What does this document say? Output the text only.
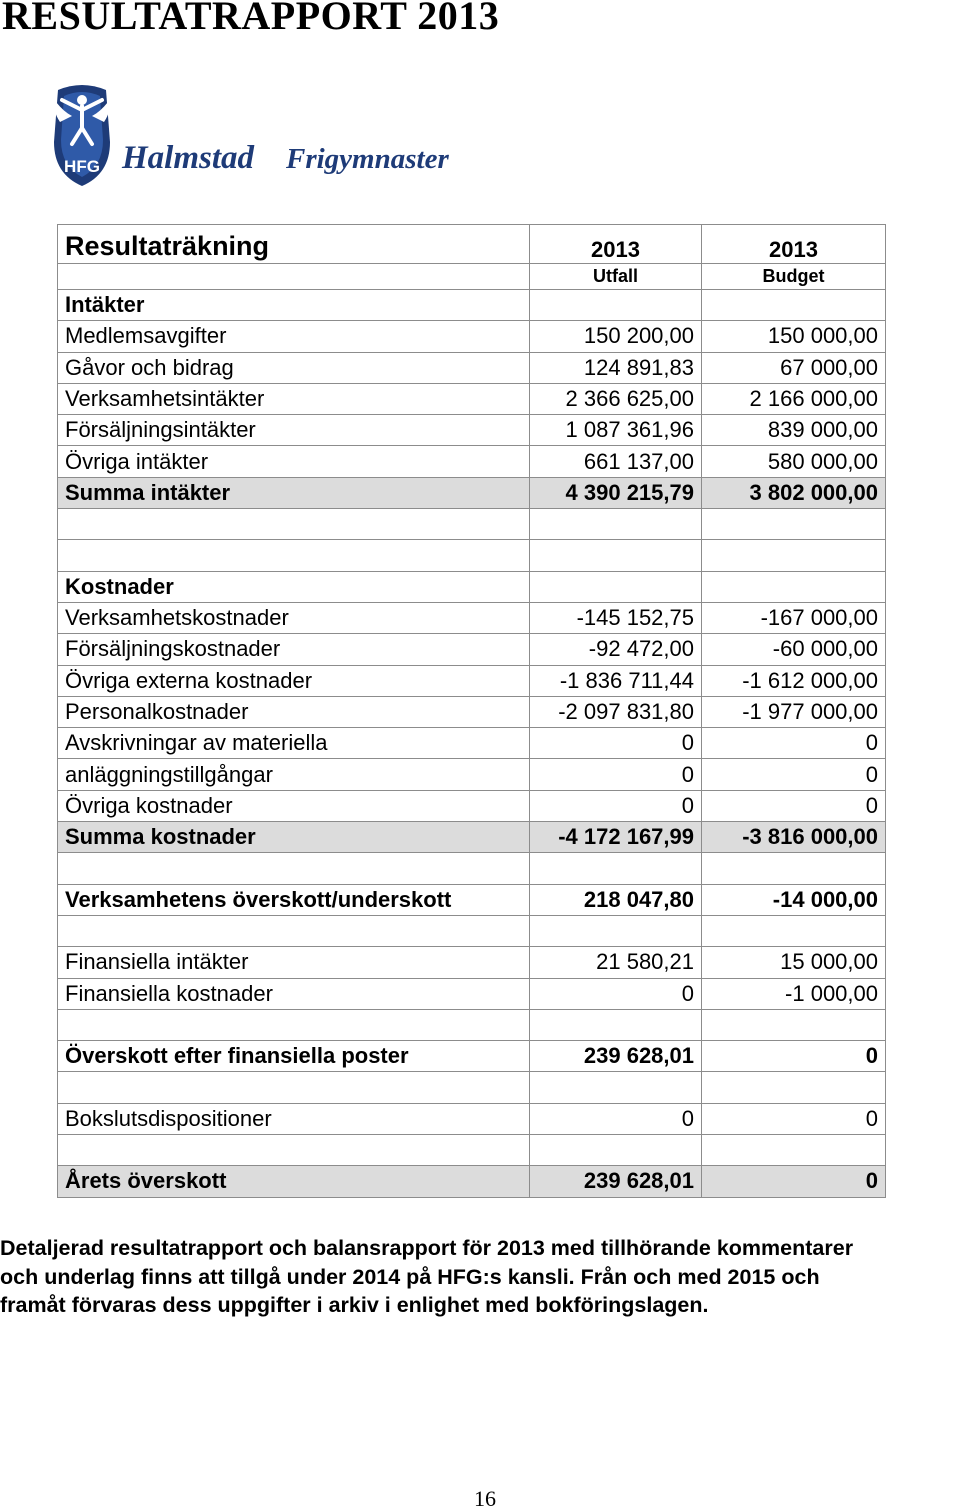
RESULTATRAPPORT 2013
HFG Halmstad Frigymnaster
Resultaträkning	2013	2013
	Utfall	Budget
Intäkter		
Medlemsavgifter	150 200,00	150 000,00
Gåvor och bidrag	124 891,83	67 000,00
Verksamhetsintäkter	2 366 625,00	2 166 000,00
Försäljningsintäkter	1 087 361,96	839 000,00
Övriga intäkter	661 137,00	580 000,00
Summa intäkter	4 390 215,79	3 802 000,00

Kostnader		
Verksamhetskostnader	-145 152,75	-167 000,00
Försäljningskostnader	-92 472,00	-60 000,00
Övriga externa kostnader	-1 836 711,44	-1 612 000,00
Personalkostnader	-2 097 831,80	-1 977 000,00
Avskrivningar av materiella	0	0
anläggningstillgångar	0	0
Övriga kostnader	0	0
Summa kostnader	-4 172 167,99	-3 816 000,00

Verksamhetens överskott/underskott	218 047,80	-14 000,00

Finansiella intäkter	21 580,21	15 000,00
Finansiella kostnader	0	-1 000,00

Överskott efter finansiella poster	239 628,01	0

Bokslutsdispositioner	0	0

Årets överskott	239 628,01	0
Detaljerad resultatrapport och balansrapport för 2013 med tillhörande kommentarer
och underlag finns att tillgå under 2014 på HFG:s kansli. Från och med 2015 och
framåt förvaras dess uppgifter i arkiv i enlighet med bokföringslagen.
16
